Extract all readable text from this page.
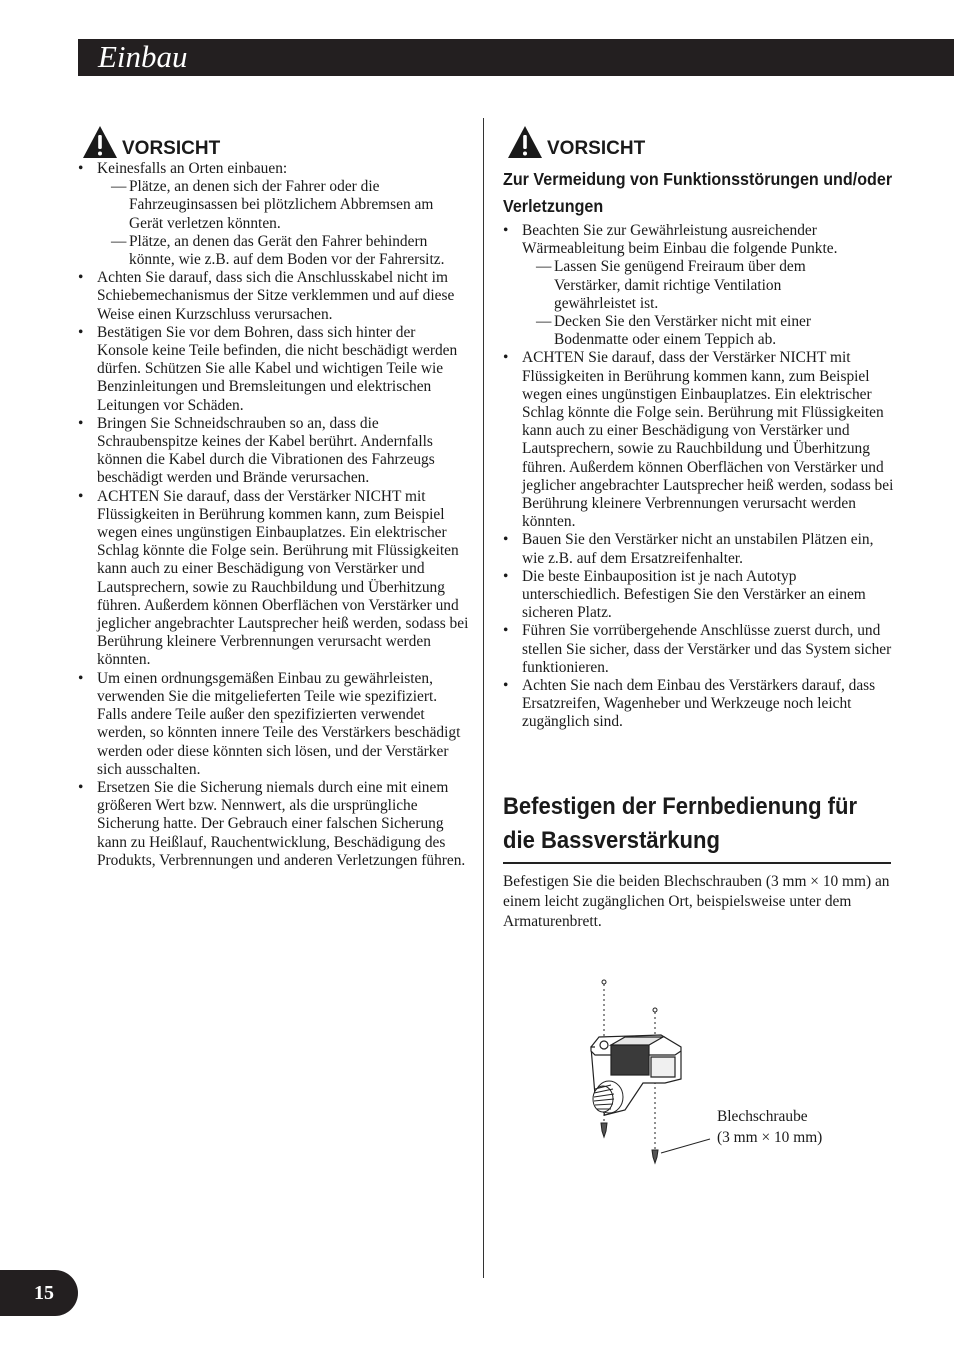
Einbau
VORSICHT
• Keinesfalls an Orten einbauen:
— Plätze, an denen sich der Fahrer oder die Fahrzeuginsassen bei plötzlichem Abbremsen am Gerät verletzen könnten.
— Plätze, an denen das Gerät den Fahrer behindern könnte, wie z.B. auf dem Boden vor der Fahrersitz.
• Achten Sie darauf, dass sich die Anschlusskabel nicht im Schiebemechanismus der Sitze verklemmen und auf diese Weise einen Kurzschluss verursachen.
• Bestätigen Sie vor dem Bohren, dass sich hinter der Konsole keine Teile befinden, die nicht beschädigt werden dürfen. Schützen Sie alle Kabel und wichtigen Teile wie Benzinleitungen und Bremsleitungen und elektrischen Leitungen vor Schäden.
• Bringen Sie Schneidschrauben so an, dass die Schraubenspitze keines der Kabel berührt. Andernfalls können die Kabel durch die Vibrationen des Fahrzeugs beschädigt werden und Brände verursachen.
• ACHTEN Sie darauf, dass der Verstärker NICHT mit Flüssigkeiten in Berührung kommen kann, zum Beispiel wegen eines ungünstigen Einbauplatzes. Ein elektrischer Schlag könnte die Folge sein. Berührung mit Flüssigkeiten kann auch zu einer Beschädigung von Verstärker und Lautsprechern, sowie zu Rauchbildung und Überhitzung führen. Außerdem können Oberflächen von Verstärker und jeglicher angebrachter Lautsprecher heiß werden, sodass bei Berührung kleinere Verbrennungen verursacht werden könnten.
• Um einen ordnungsgemäßen Einbau zu gewährleisten, verwenden Sie die mitgelieferten Teile wie spezifiziert. Falls andere Teile außer den spezifizierten verwendet werden, so könnten innere Teile des Verstärkers beschädigt werden oder diese könnten sich lösen, und der Verstärker sich ausschalten.
• Ersetzen Sie die Sicherung niemals durch eine mit einem größeren Wert bzw. Nennwert, als die ursprüngliche Sicherung hatte. Der Gebrauch einer falschen Sicherung kann zu Heißlauf, Rauchentwicklung, Beschädigung des Produkts, Verbrennungen und anderen Verletzungen führen.
VORSICHT
Zur Vermeidung von Funktionsstörungen und/oder Verletzungen
• Beachten Sie zur Gewährleistung ausreichender Wärmeableitung beim Einbau die folgende Punkte.
— Lassen Sie genügend Freiraum über dem Verstärker, damit richtige Ventilation gewährleistet ist.
— Decken Sie den Verstärker nicht mit einer Bodenmatte oder einem Teppich ab.
• ACHTEN Sie darauf, dass der Verstärker NICHT mit Flüssigkeiten in Berührung kommen kann, zum Beispiel wegen eines ungünstigen Einbauplatzes. Ein elektrischer Schlag könnte die Folge sein. Berührung mit Flüssigkeiten kann auch zu einer Beschädigung von Verstärker und Lautsprechern, sowie zu Rauchbildung und Überhitzung führen. Außerdem können Oberflächen von Verstärker und jeglicher angebrachter Lautsprecher heiß werden, sodass bei Berührung kleinere Verbrennungen verursacht werden könnten.
• Bauen Sie den Verstärker nicht an unstabilen Plätzen ein, wie z.B. auf dem Ersatzreifenhalter.
• Die beste Einbauposition ist je nach Autotyp unterschiedlich. Befestigen Sie den Verstärker an einem sicheren Platz.
• Führen Sie vorrübergehende Anschlüsse zuerst durch, und stellen Sie sicher, dass der Verstärker und das System sicher funktionieren.
• Achten Sie nach dem Einbau des Verstärkers darauf, dass Ersatzreifen, Wagenheber und Werkzeuge noch leicht zugänglich sind.
Befestigen der Fernbedienung für
die Bassverstärkung
Befestigen Sie die beiden Blechschrauben (3 mm × 10 mm) an einem leicht zugänglichen Ort, beispielsweise unter dem Armaturenbrett.
Blechschraube
(3 mm × 10 mm)
15
